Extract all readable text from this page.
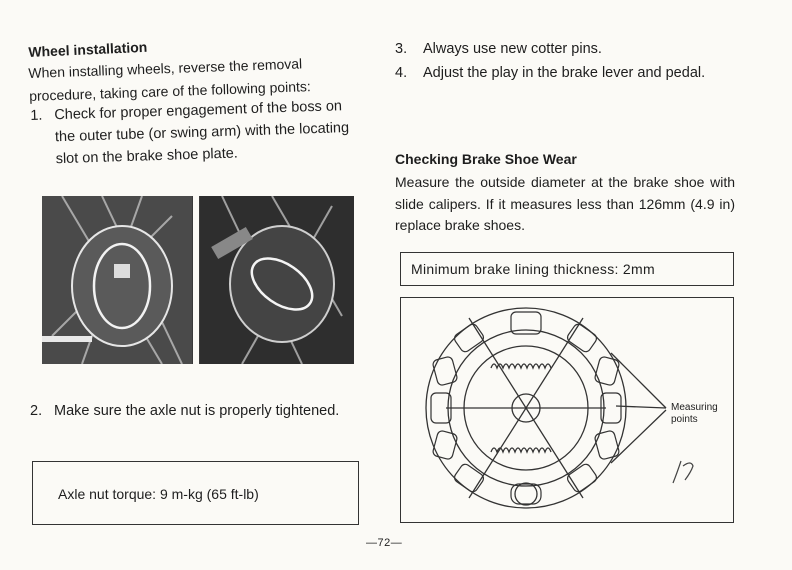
Wheel installation

When installing wheels, reverse the removal procedure, taking care of the following points:

1. Check for proper engagement of the boss on the outer tube (or swing arm) with the locating slot on the brake shoe plate.
2. Make sure the axle nut is properly tightened.
Axle nut torque: 9 m-kg (65 ft-lb)
3. Always use new cotter pins.
4. Adjust the play in the brake lever and pedal.
Checking Brake Shoe Wear
Measure the outside diameter at the brake shoe with slide calipers. If it measures less than 126mm (4.9 in) replace brake shoes.
Minimum brake lining thickness: 2mm
Measuring
points
—72—
